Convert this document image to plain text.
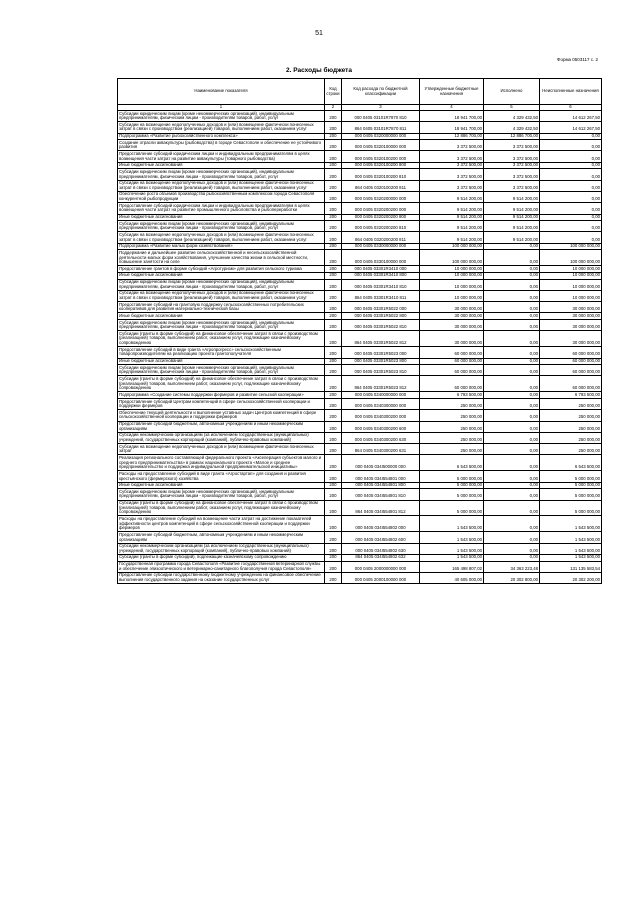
51
Форма 0503117 с. 2
2. Расходы бюджета
Наименование показателя	Код строки	Код расхода по бюджетной классификации	Утвержденные бюджетные назначения	Исполнено	Неисполненные назначения
1	2	3	4	5	6
Субсидии юридическим лицам (кроме некоммерческих организаций), индивидуальным предпринимателям, физическим лицам - производителям товаров, работ, услуг	200	000 0405 03101R7870 810	18 941 700,00	4 329 432,50	14 612 267,50
Субсидии на возмещение недополученных доходов и (или) возмещение фактически понесенных затрат в связи с производством (реализацией) товаров, выполнением работ, оказанием услуг	200	864 0405 03101R7870 811	18 941 700,00	4 329 432,50	14 612 267,50
Подпрограмма «Развитие рыбохозяйственного комплекса»	200	000 0405 0320000000 000	12 886 700,00	12 886 700,00	0,00
Создание отрасли аквакультуры (рыбоводства) в городе Севастополе и обеспечение ее устойчивого развития	200	000 0405 0320100000 000	3 372 500,00	3 372 500,00	0,00
Предоставление субсидий юридическим лицам и индивидуальным предпринимателям в целях возмещения части затрат на развитие аквакультуры (товарного рыбоводства)	200	000 0405 0320100200 000	3 372 500,00	3 372 500,00	0,00
Иные бюджетные ассигнования	200	000 0405 0320100200 800	3 372 500,00	3 372 500,00	0,00
Субсидии юридическим лицам (кроме некоммерческих организаций), индивидуальным предпринимателям, физическим лицам - производителям товаров, работ, услуг	200	000 0405 0320100200 810	3 372 500,00	3 372 500,00	0,00
Субсидии на возмещение недополученных доходов и (или) возмещение фактически понесенных затрат в связи с производством (реализацией) товаров, выполнением работ, оказанием услуг	200	864 0405 0320100200 811	3 372 500,00	3 372 500,00	0,00
Обеспечение роста объемов производства рыбохозяйственным комплексом города Севастополя конкурентной рыбопродукции	200	000 0405 0320200000 000	9 514 200,00	9 514 200,00	0,00
Предоставление субсидий юридическим лицам и индивидуальным предпринимателям в целях возмещения части затрат на развитие промышленного рыболовства и рыбопереработки	200	000 0405 0320200200 000	9 514 200,00	9 514 200,00	0,00
Иные бюджетные ассигнования	200	000 0405 0320200200 800	9 514 200,00	9 514 200,00	0,00
Субсидии юридическим лицам (кроме некоммерческих организаций), индивидуальным предпринимателям, физическим лицам - производителям товаров, работ, услуг	200	000 0405 0320200200 810	9 514 200,00	9 514 200,00	0,00
Субсидии на возмещение недополученных доходов и (или) возмещение фактически понесенных затрат в связи с производством (реализацией) товаров, выполнением работ, оказанием услуг	200	864 0405 0320200200 811	9 514 200,00	9 514 200,00	0,00
Подпрограмма «Развитие малых форм хозяйствования»	200	000 0405 0330000000 000	100 000 000,00	0,00	100 000 000,00
Поддержание и дальнейшее развитие сельскохозяйственной и несельскохозяйственной деятельности малых форм хозяйствования, улучшение качества жизни в сельской местности, повышение занятости на селе	200	000 0405 0330100000 000	100 000 000,00	0,00	100 000 000,00
Предоставление грантов в форме субсидий «Агротуризм» для развития сельского туризма	200	000 0405 03301R3410 000	10 000 000,00	0,00	10 000 000,00
Иные бюджетные ассигнования	200	000 0405 03301R3410 800	10 000 000,00	0,00	10 000 000,00
Субсидии юридическим лицам (кроме некоммерческих организаций), индивидуальным предпринимателям, физическим лицам - производителям товаров, работ, услуг	200	000 0405 03301R3410 810	10 000 000,00	0,00	10 000 000,00
Субсидии на возмещение недополученных доходов и (или) возмещение фактически понесенных затрат в связи с производством (реализацией) товаров, выполнением работ, оказанием услуг	200	864 0405 03301R3410 811	10 000 000,00	0,00	10 000 000,00
Предоставление субсидий на грантовую поддержку сельскохозяйственных потребительских кооперативов для развития материально-технической базы	200	000 0405 03301R5022 000	30 000 000,00	0,00	30 000 000,00
Иные бюджетные ассигнования	200	000 0405 03301R5022 800	30 000 000,00	0,00	30 000 000,00
Субсидии юридическим лицам (кроме некоммерческих организаций), индивидуальным предпринимателям, физическим лицам - производителям товаров, работ, услуг	200	000 0405 03301R5022 810	30 000 000,00	0,00	30 000 000,00
Субсидии (гранты в форме субсидий) на финансовое обеспечение затрат в связи с производством (реализацией) товаров, выполнением работ, оказанием услуг, подлежащие казначейскому сопровождению	200	864 0405 03301R5022 812	30 000 000,00	0,00	30 000 000,00
Предоставление субсидий в виде гранта «Агропрогресс» сельскохозяйственным товаропроизводителям на реализацию проекта грантополучателя	200	000 0405 03301R5023 000	60 000 000,00	0,00	60 000 000,00
Иные бюджетные ассигнования	200	000 0405 03301R5023 800	60 000 000,00	0,00	60 000 000,00
Субсидии юридическим лицам (кроме некоммерческих организаций), индивидуальным предпринимателям, физическим лицам - производителям товаров, работ, услуг	200	000 0405 03301R5023 810	60 000 000,00	0,00	60 000 000,00
Субсидии (гранты в форме субсидий) на финансовое обеспечение затрат в связи с производством (реализацией) товаров, выполнением работ, оказанием услуг, подлежащие казначейскому сопровождению	200	864 0405 03301R5023 812	60 000 000,00	0,00	60 000 000,00
Подпрограмма «Создание системы поддержки фермеров и развитие сельской кооперации»	200	000 0405 0340000000 000	6 793 500,00	0,00	6 793 500,00
Предоставление субсидий Центрам компетенций в сфере сельскохозяйственной кооперации и поддержки фермеров	200	000 0405 0340300000 000	250 000,00	0,00	250 000,00
Обеспечение текущей деятельности и выполнение уставных задач Центров компетенций в сфере сельскохозяйственной кооперации и поддержки фермеров	200	000 0405 0340300200 000	250 000,00	0,00	250 000,00
Предоставление субсидий бюджетным, автономным учреждениям и иным некоммерческим организациям	200	000 0405 0340300200 600	250 000,00	0,00	250 000,00
Субсидии некоммерческим организациям (за исключением государственных (муниципальных) учреждений, государственных корпораций (компаний), публично-правовых компаний)	200	000 0405 0340300200 630	250 000,00	0,00	250 000,00
Субсидии на возмещение недополученных доходов и (или) возмещение фактически понесенных затрат	200	864 0405 0340300200 631	250 000,00	0,00	250 000,00
Реализация регионального составляющей федерального проекта «Акселерация субъектов малого и среднего предпринимательства» в рамках национального проекта «Малое и среднее предпринимательство и поддержка индивидуальной предпринимательской инициативы»	200	000 0405 034I500000 000	6 543 500,00	0,00	6 543 500,00
Расходы на предоставление субсидий в виде гранта «Агростартап» для создания и развития крестьянского (фермерского) хозяйства	200	000 0405 034I554801 000	5 000 000,00	0,00	5 000 000,00
Иные бюджетные ассигнования	200	000 0405 034I554801 800	5 000 000,00	0,00	5 000 000,00
Субсидии юридическим лицам (кроме некоммерческих организаций), индивидуальным предпринимателям, физическим лицам - производителям товаров, работ, услуг	200	000 0405 034I554801 810	5 000 000,00	0,00	5 000 000,00
Субсидии (гранты в форме субсидий) на финансовое обеспечение затрат в связи с производством (реализацией) товаров, выполнением работ, оказанием услуг, подлежащие казначейскому сопровождению	200	864 0405 034I554801 812	5 000 000,00	0,00	5 000 000,00
Расходы на предоставление субсидий на возмещение части затрат на достижение показателей эффективности центров компетенций в сфере сельскохозяйственной кооперации и поддержки фермеров	200	000 0405 034I554802 000	1 543 500,00	0,00	1 543 500,00
Предоставление субсидий бюджетным, автономным учреждениям и иным некоммерческим организациям	200	000 0405 034I554802 600	1 543 500,00	0,00	1 543 500,00
Субсидии некоммерческим организациям (за исключением государственных (муниципальных) учреждений, государственных корпораций (компаний), публично-правовых компаний)	200	000 0405 034I554802 630	1 543 500,00	0,00	1 543 500,00
Субсидии (гранты в форме субсидий), подлежащие казначейскому сопровождению	200	864 0405 034I554802 632	1 543 500,00	0,00	1 543 500,00
Государственная программа города Севастополя «Развитие государственной ветеринарной службы и обеспечение эпизоотического и ветеринарно-санитарного благополучия города Севастополя»	200	000 0405 2000000000 000	165 498 807,02	34 363 223,48	131 135 583,54
Предоставление субсидии государственному бюджетному учреждению на финансовое обеспечение выполнения государственного задания на оказание государственных услуг	200	000 0405 2000100000 000	40 605 000,00	20 302 800,00	20 302 200,00
